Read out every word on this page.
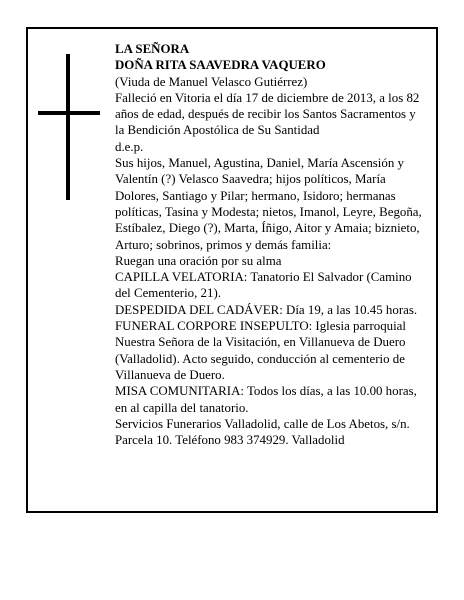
LA SEÑORA

DOÑA RITA SAAVEDRA VAQUERO

(Viuda de Manuel Velasco Gutiérrez)

Falleció en Vitoria el día 17 de diciembre de 2013, a los 82 años de edad, después de recibir los Santos Sacramentos y la Bendición Apostólica de Su Santidad

d.e.p.

Sus hijos, Manuel, Agustina, Daniel, María Ascensión y Valentín (?) Velasco Saavedra; hijos políticos, María Dolores, Santiago y Pilar; hermano, Isidoro; hermanas políticas, Tasina y Modesta; nietos, Imanol, Leyre, Begoña, Estíbalez, Diego (?), Marta, Íñigo, Aitor y Amaia; biznieto, Arturo; sobrinos, primos y demás familia:

Ruegan una oración por su alma

CAPILLA VELATORIA: Tanatorio El Salvador (Camino del Cementerio, 21).

DESPEDIDA DEL CADÁVER: Día 19, a las 10.45 horas.

FUNERAL CORPORE INSEPULTO: Iglesia parroquial Nuestra Señora de la Visitación, en Villanueva de Duero (Valladolid). Acto seguido, conducción al cementerio de Villanueva de Duero.

MISA COMUNITARIA: Todos los días, a las 10.00 horas, en al capilla del tanatorio.

Servicios Funerarios Valladolid, calle de Los Abetos, s/n. Parcela 10. Teléfono 983 374929. Valladolid
